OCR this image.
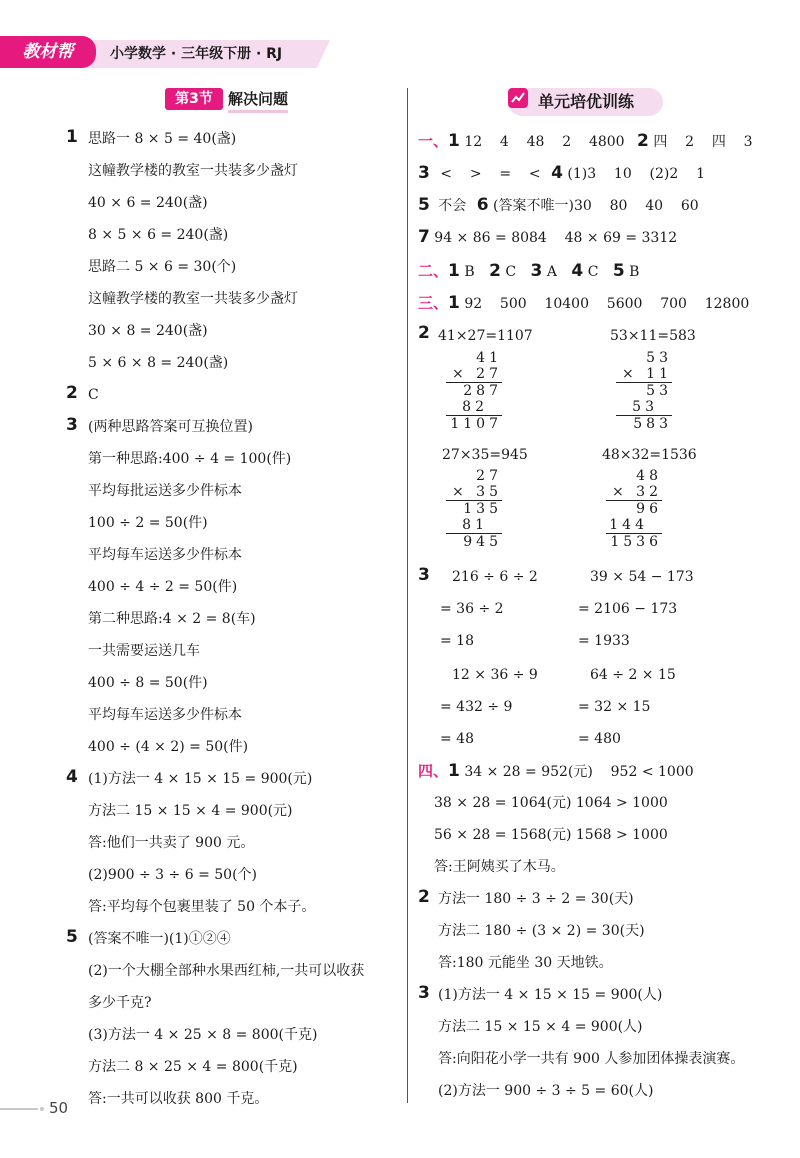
教材帮	小学数学 · 三年级下册 · RJ
第3节	解决问题	单元培优训练
1 思路一 8 × 5 = 40(盏)
这幢教学楼的教室一共装多少盏灯
40 × 6 = 240(盏)
8 × 5 × 6 = 240(盏)
思路二 5 × 6 = 30(个)
这幢教学楼的教室一共装多少盏灯
30 × 8 = 240(盏)
5 × 6 × 8 = 240(盏)
2 C
3 (两种思路答案可互换位置)
第一种思路:400 ÷ 4 = 100(件)
平均每批运送多少件标本
100 ÷ 2 = 50(件)
平均每车运送多少件标本
400 ÷ 4 ÷ 2 = 50(件)
第二种思路:4 × 2 = 8(车)
一共需要运送几车
400 ÷ 8 = 50(件)
平均每车运送多少件标本
400 ÷ (4 × 2) = 50(件)
4 (1)方法一 4 × 15 × 15 = 900(元)
方法二 15 × 15 × 4 = 900(元)
答:他们一共卖了 900 元。
(2)900 ÷ 3 ÷ 6 = 50(个)
答:平均每个包裹里装了 50 个本子。
5 (答案不唯一)(1)①②④
(2)一个大棚全部种水果西红柿,一共可以收获
多少千克?
(3)方法一 4 × 25 × 8 = 800(千克)
方法二 8 × 25 × 4 = 800(千克)
答:一共可以收获 800 千克。
一、1 12    4    48    2    4800 2 四    2    四    3
3 <    >    =    < 4 (1)3    10    (2)2    1
5 不会 6 (答案不唯一)30    80    40    60
7 94 × 86 = 8084    48 × 69 = 3312
二、1 B 2 C 3 A 4 C 5 B
三、1 92    500    10400    5600    700    12800
2 41×27=1107	53×11=583
41
× 27
287
82
1107
53
× 11
53
53
583
27×35=945	48×32=1536
27
× 35
135
81
945
48
× 32
96
144
1536
3 216 ÷ 6 ÷ 2	39 × 54 − 173
= 36 ÷ 2	= 2106 − 173
= 18	= 1933
12 × 36 ÷ 9	64 ÷ 2 × 15
= 432 ÷ 9	= 32 × 15
= 48	= 480
四、1 34 × 28 = 952(元)    952 < 1000
38 × 28 = 1064(元) 1064 > 1000
56 × 28 = 1568(元) 1568 > 1000
答:王阿姨买了木马。
2 方法一 180 ÷ 3 ÷ 2 = 30(天)
方法二 180 ÷ (3 × 2) = 30(天)
答:180 元能坐 30 天地铁。
3 (1)方法一 4 × 15 × 15 = 900(人)
方法二 15 × 15 × 4 = 900(人)
答:向阳花小学一共有 900 人参加团体操表演赛。
(2)方法一 900 ÷ 3 ÷ 5 = 60(人)
50
